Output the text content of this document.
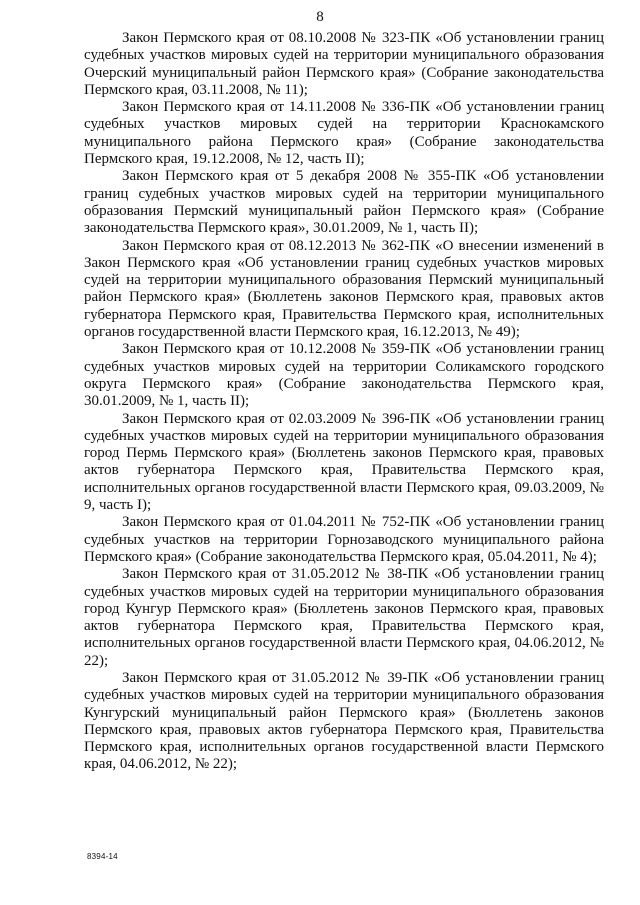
8

Закон Пермского края от 08.10.2008 № 323-ПК «Об установлении границ судебных участков мировых судей на территории муниципального образования Очерский муниципальный район Пермского края» (Собрание законодательства Пермского края, 03.11.2008, № 11);

Закон Пермского края от 14.11.2008 № 336-ПК «Об установлении границ судебных участков мировых судей на территории Краснокамского муниципального района Пермского края» (Собрание законодательства Пермского края, 19.12.2008, № 12, часть II);

Закон Пермского края от 5 декабря 2008 № 355-ПК «Об установлении границ судебных участков мировых судей на территории муниципального образования Пермский муниципальный район Пермского края» (Собрание законодательства Пермского края», 30.01.2009, № 1, часть II);

Закон Пермского края от 08.12.2013 № 362-ПК «О внесении изменений в Закон Пермского края «Об установлении границ судебных участков мировых судей на территории муниципального образования Пермский муниципальный район Пермского края» (Бюллетень законов Пермского края, правовых актов губернатора Пермского края, Правительства Пермского края, исполнительных органов государственной власти Пермского края, 16.12.2013, № 49);

Закон Пермского края от 10.12.2008 № 359-ПК «Об установлении границ судебных участков мировых судей на территории Соликамского городского округа Пермского края» (Собрание законодательства Пермского края, 30.01.2009, № 1, часть II);

Закон Пермского края от 02.03.2009 № 396-ПК «Об установлении границ судебных участков мировых судей на территории муниципального образования город Пермь Пермского края» (Бюллетень законов Пермского края, правовых актов губернатора Пермского края, Правительства Пермского края, исполнительных органов государственной власти Пермского края, 09.03.2009, № 9, часть I);

Закон Пермского края от 01.04.2011 № 752-ПК «Об установлении границ судебных участков на территории Горнозаводского муниципального района Пермского края» (Собрание законодательства Пермского края, 05.04.2011, № 4);

Закон Пермского края от 31.05.2012 № 38-ПК «Об установлении границ судебных участков мировых судей на территории муниципального образования город Кунгур Пермского края» (Бюллетень законов Пермского края, правовых актов губернатора Пермского края, Правительства Пермского края, исполнительных органов государственной власти Пермского края, 04.06.2012, № 22);

Закон Пермского края от 31.05.2012 № 39-ПК «Об установлении границ судебных участков мировых судей на территории муниципального образования Кунгурский муниципальный район Пермского края» (Бюллетень законов Пермского края, правовых актов губернатора Пермского края, Правительства Пермского края, исполнительных органов государственной власти Пермского края, 04.06.2012, № 22);

8394-14
